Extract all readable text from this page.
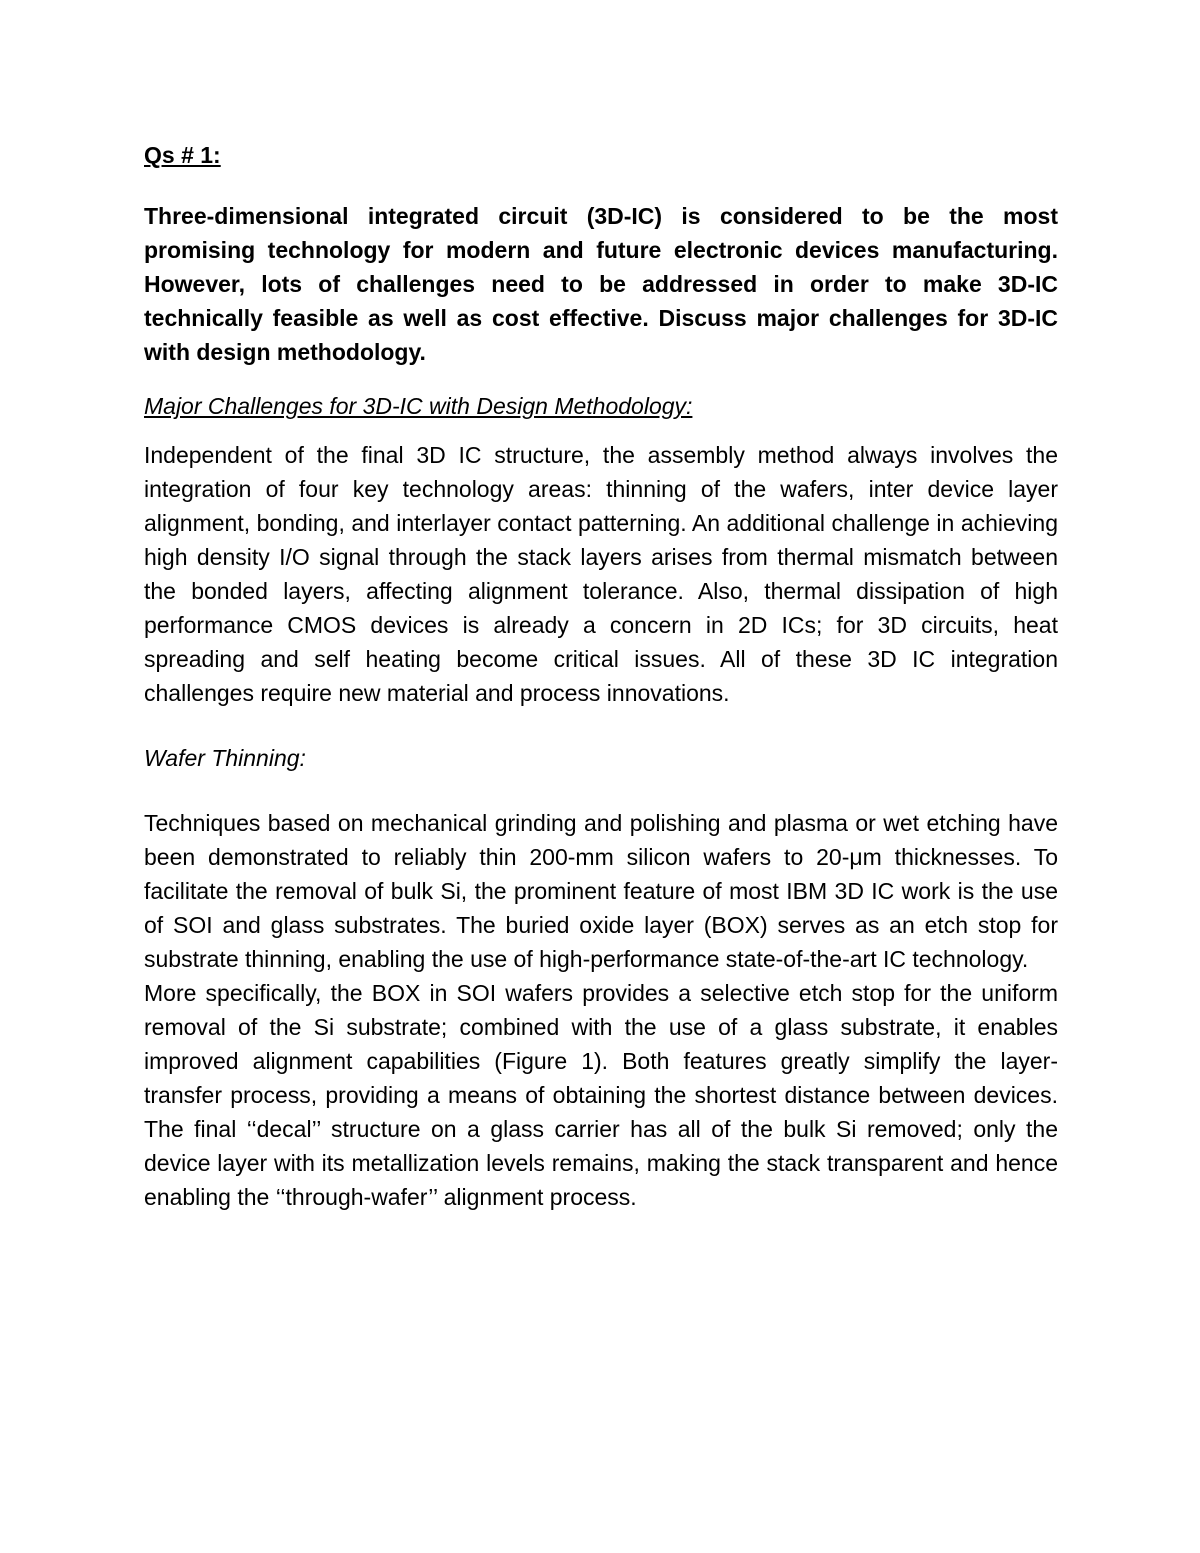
Qs # 1:

Three-dimensional integrated circuit (3D-IC) is considered to be the most promising technology for modern and future electronic devices manufacturing. However, lots of challenges need to be addressed in order to make 3D-IC technically feasible as well as cost effective. Discuss major challenges for 3D-IC with design methodology.

Major Challenges for 3D-IC with Design Methodology:

Independent of the final 3D IC structure, the assembly method always involves the integration of four key technology areas: thinning of the wafers, inter device layer alignment, bonding, and interlayer contact patterning. An additional challenge in achieving high density I/O signal through the stack layers arises from thermal mismatch between the bonded layers, affecting alignment tolerance. Also, thermal dissipation of high performance CMOS devices is already a concern in 2D ICs; for 3D circuits, heat spreading and self heating become critical issues. All of these 3D IC integration challenges require new material and process innovations.

Wafer Thinning:

Techniques based on mechanical grinding and polishing and plasma or wet etching have been demonstrated to reliably thin 200-mm silicon wafers to 20-μm thicknesses. To facilitate the removal of bulk Si, the prominent feature of most IBM 3D IC work is the use of SOI and glass substrates. The buried oxide layer (BOX) serves as an etch stop for substrate thinning, enabling the use of high-performance state-of-the-art IC technology.

More specifically, the BOX in SOI wafers provides a selective etch stop for the uniform removal of the Si substrate; combined with the use of a glass substrate, it enables improved alignment capabilities (Figure 1). Both features greatly simplify the layer-transfer process, providing a means of obtaining the shortest distance between devices. The final ‘‘decal’’ structure on a glass carrier has all of the bulk Si removed; only the device layer with its metallization levels remains, making the stack transparent and hence enabling the ‘‘through-wafer’’ alignment process.
